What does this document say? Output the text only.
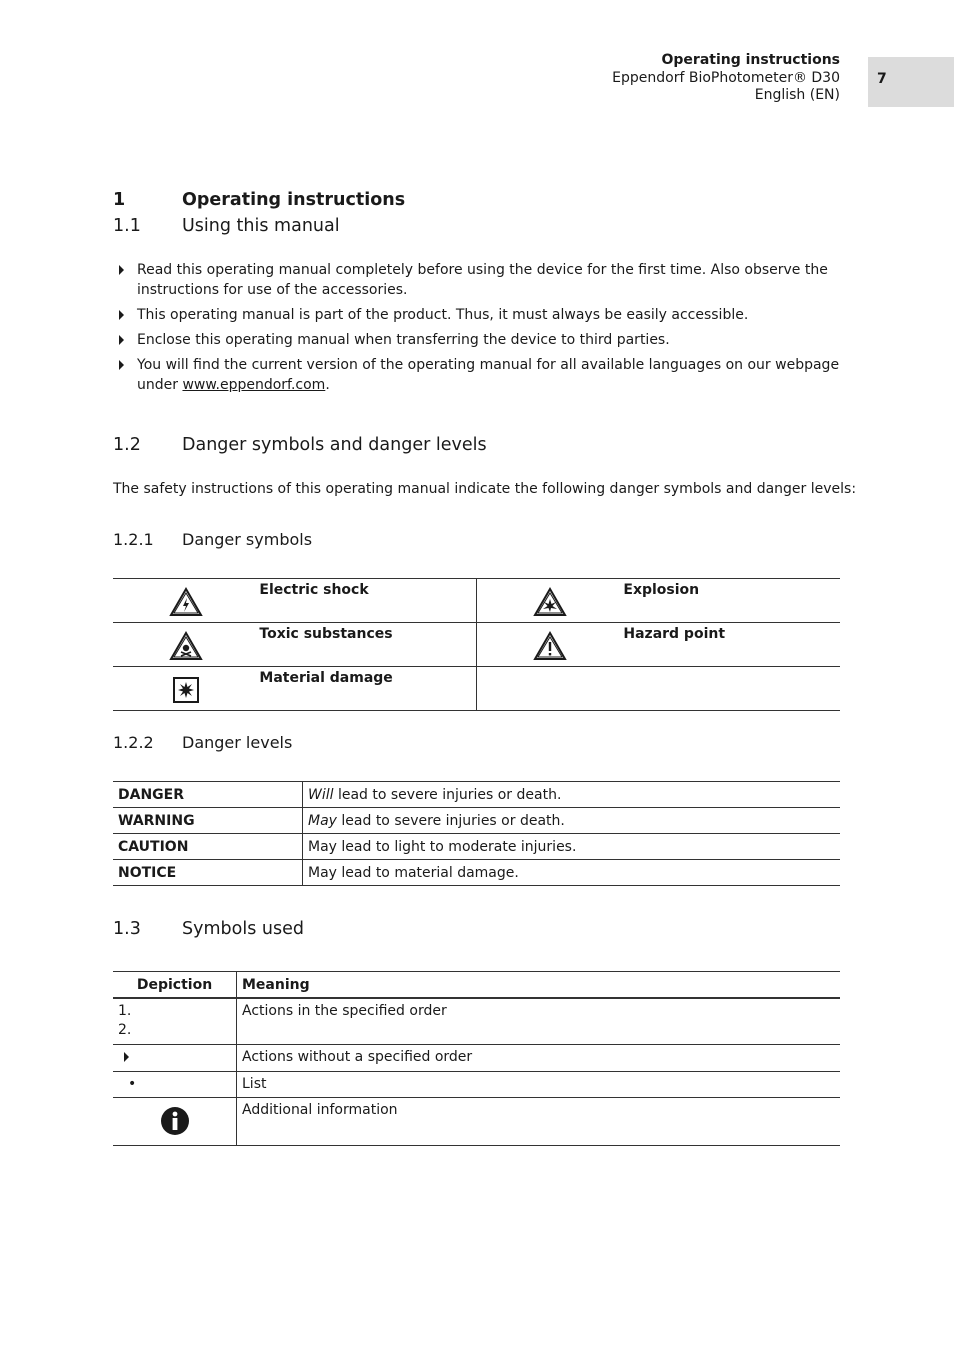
Operating instructions
Eppendorf BioPhotometer® D30
English (EN)
7
1	Operating instructions
1.1 Using this manual
Read this operating manual completely before using the device for the first time. Also observe the instructions for use of the accessories.
This operating manual is part of the product. Thus, it must always be easily accessible.
Enclose this operating manual when transferring the device to third parties.
You will find the current version of the operating manual for all available languages on our webpage under www.eppendorf.com.
1.2 Danger symbols and danger levels
The safety instructions of this operating manual indicate the following danger symbols and danger levels:
1.2.1 Danger symbols
	Electric shock		Explosion
	Toxic substances		Hazard point
	Material damage		
1.2.2 Danger levels
DANGER	Will lead to severe injuries or death.
WARNING	May lead to severe injuries or death.
CAUTION	May lead to light to moderate injuries.
NOTICE	May lead to material damage.
1.3 Symbols used
Depiction	Meaning

1.
2.	Actions in the specified order
	Actions without a specified order
•	List
	Additional information
